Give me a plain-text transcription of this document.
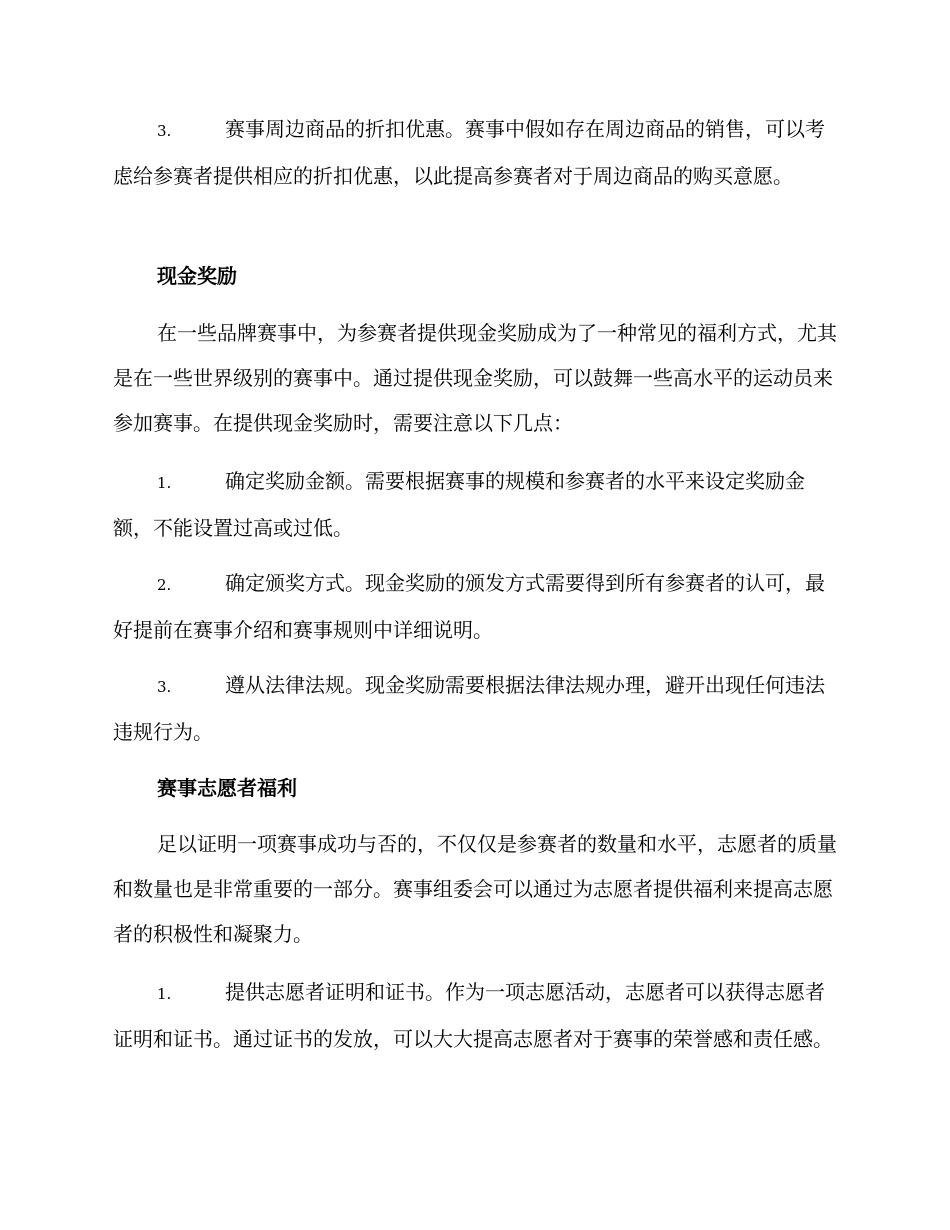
3.	赛事周边商品的折扣优惠。赛事中假如存在周边商品的销售，可以考虑给参赛者提供相应的折扣优惠，以此提高参赛者对于周边商品的购买意愿。

现金奖励

在一些品牌赛事中，为参赛者提供现金奖励成为了一种常见的福利方式，尤其是在一些世界级别的赛事中。通过提供现金奖励，可以鼓舞一些高水平的运动员来参加赛事。在提供现金奖励时，需要注意以下几点：

1.	确定奖励金额。需要根据赛事的规模和参赛者的水平来设定奖励金额，不能设置过高或过低。

2.	确定颁奖方式。现金奖励的颁发方式需要得到所有参赛者的认可，最好提前在赛事介绍和赛事规则中详细说明。

3.	遵从法律法规。现金奖励需要根据法律法规办理，避开出现任何违法违规行为。

赛事志愿者福利

足以证明一项赛事成功与否的，不仅仅是参赛者的数量和水平，志愿者的质量和数量也是非常重要的一部分。赛事组委会可以通过为志愿者提供福利来提高志愿者的积极性和凝聚力。

1.	提供志愿者证明和证书。作为一项志愿活动，志愿者可以获得志愿者证明和证书。通过证书的发放，可以大大提高志愿者对于赛事的荣誉感和责任感。
